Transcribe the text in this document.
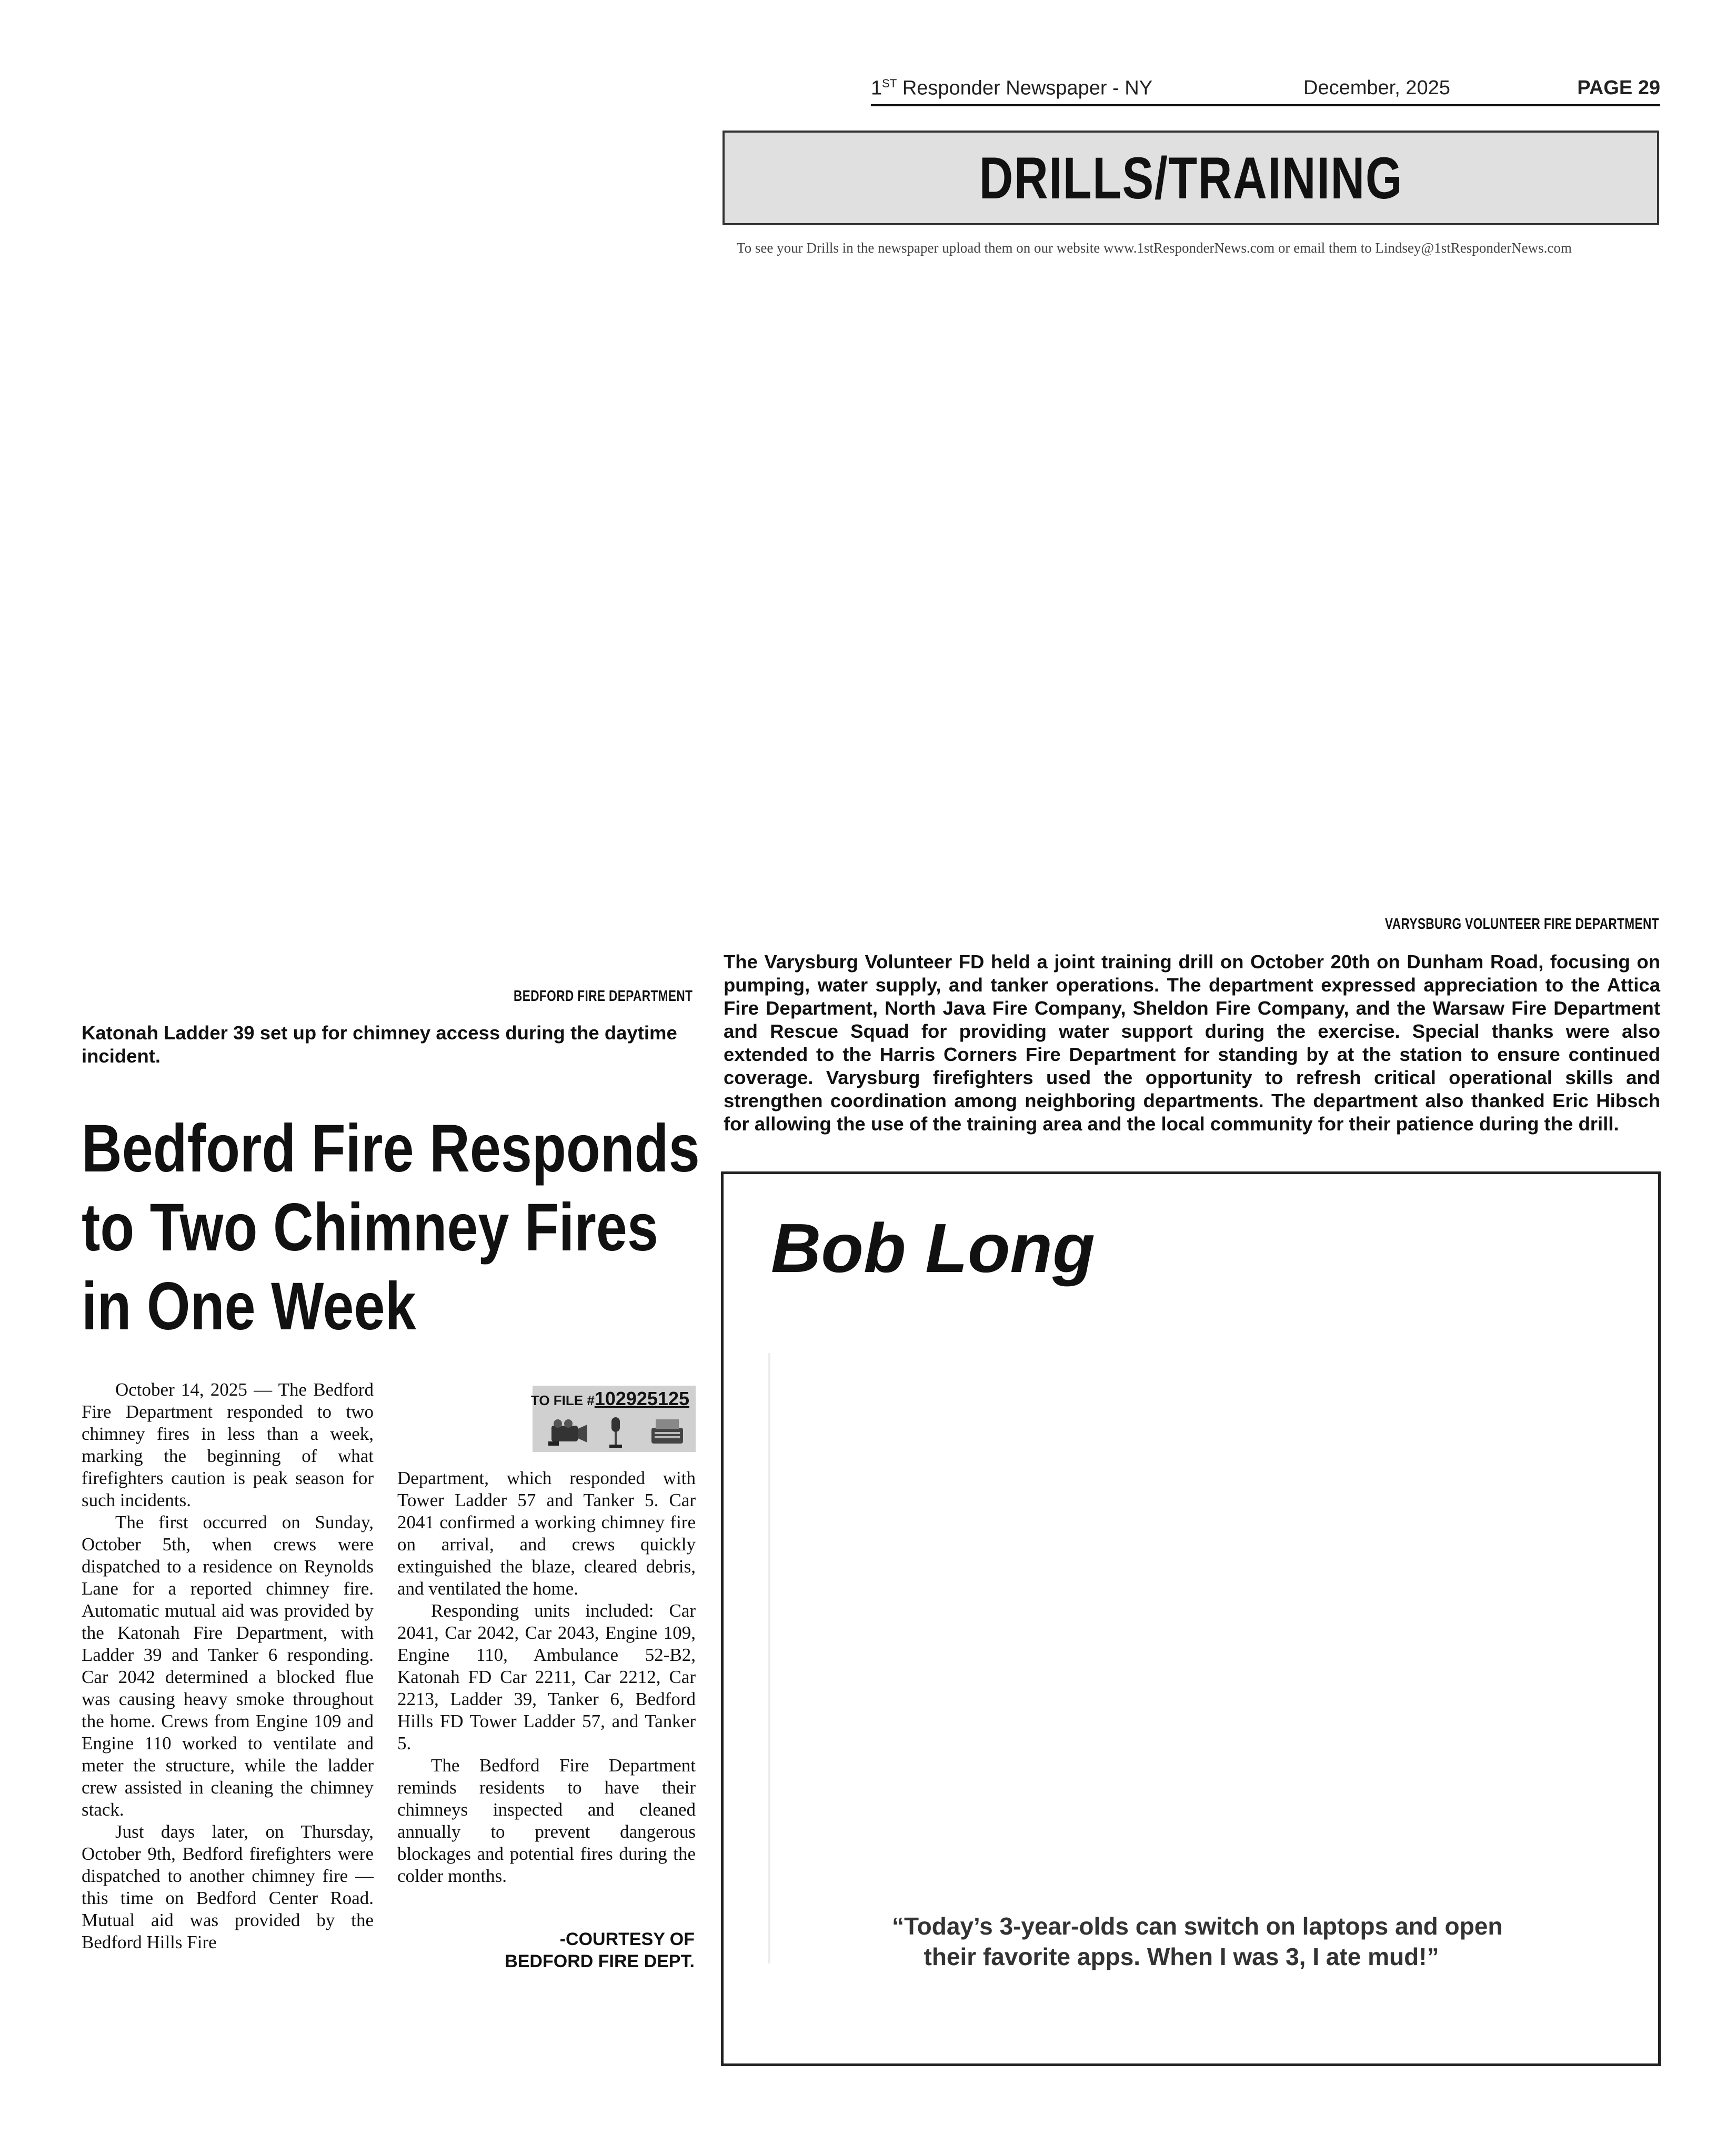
1ST Responder Newspaper - NY	December, 2025	PAGE 29
DRILLS/TRAINING
To see your Drills in the newspaper upload them on our website www.1stResponderNews.com or email them to Lindsey@1stResponderNews.com
VARYSBURG VOLUNTEER FIRE DEPARTMENT
The Varysburg Volunteer FD held a joint training drill on October 20th on Dunham Road, focusing on pumping, water supply, and tanker operations. The department expressed appreciation to the Attica Fire Department, North Java Fire Company, Sheldon Fire Company, and the Warsaw Fire Department and Rescue Squad for providing water support during the exercise. Special thanks were also extended to the Harris Corners Fire Department for standing by at the station to ensure continued coverage. Varysburg firefighters used the opportunity to refresh critical operational skills and strengthen coordination among neighboring departments. The department also thanked Eric Hibsch for allowing the use of the training area and the local community for their patience during the drill.
BEDFORD FIRE DEPARTMENT
Katonah Ladder 39 set up for chimney access during the daytime incident.
Bedford Fire Responds
to Two Chimney Fires
in One Week

October 14, 2025 — The Bedford Fire Department responded to two chimney fires in less than a week, marking the beginning of what firefighters caution is peak season for such incidents.

The first occurred on Sunday, October 5th, when crews were dispatched to a residence on Reynolds Lane for a reported chimney fire. Automatic mutual aid was provided by the Katonah Fire Department, with Ladder 39 and Tanker 6 responding. Car 2042 determined a blocked flue was causing heavy smoke throughout the home. Crews from Engine 109 and Engine 110 worked to ventilate and meter the structure, while the ladder crew assisted in cleaning the chimney stack.

Just days later, on Thursday, October 9th, Bedford firefighters were dispatched to another chimney fire — this time on Bedford Center Road. Mutual aid was provided by the Bedford Hills Fire

TO FILE #102925125

Department, which responded with Tower Ladder 57 and Tanker 5. Car 2041 confirmed a working chimney fire on arrival, and crews quickly extinguished the blaze, cleared debris, and ventilated the home.

Responding units included: Car 2041, Car 2042, Car 2043, Engine 109, Engine 110, Ambulance 52-B2, Katonah FD Car 2211, Car 2212, Car 2213, Ladder 39, Tanker 6, Bedford Hills FD Tower Ladder 57, and Tanker 5.

The Bedford Fire Department reminds residents to have their chimneys inspected and cleaned annually to prevent dangerous blockages and potential fires during the colder months.

-COURTESY OF
BEDFORD FIRE DEPT.
Bob Long
“Today’s 3-year-olds can switch on laptops and open
their favorite apps. When I was 3, I ate mud!”
